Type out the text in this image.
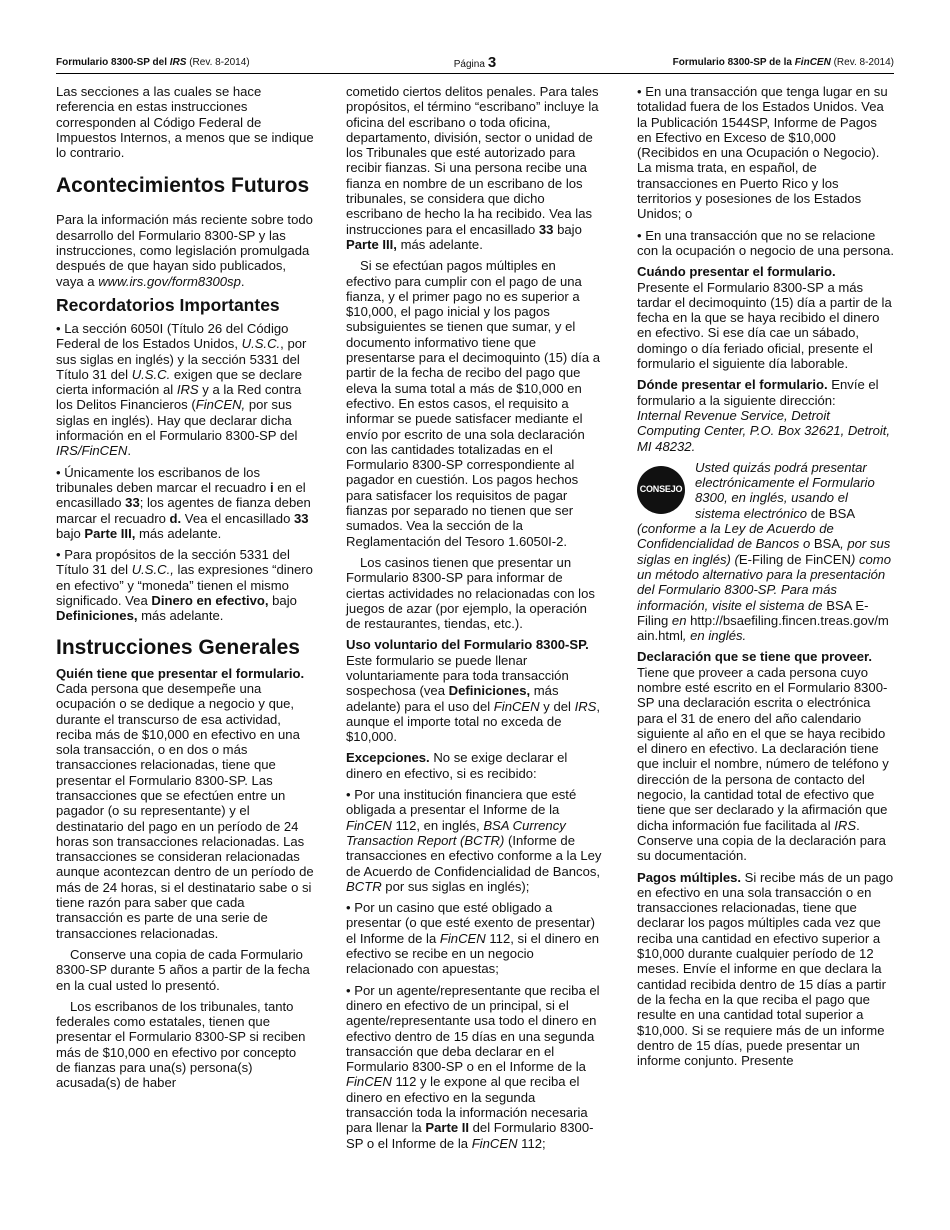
Formulario 8300-SP del IRS (Rev. 8-2014)	Página 3	Formulario 8300-SP de la FinCEN (Rev. 8-2014)

Las secciones a las cuales se hace referencia en estas instrucciones corresponden al Código Federal de Impuestos Internos, a menos que se indique lo contrario.

Acontecimientos Futuros

Para la información más reciente sobre todo desarrollo del Formulario 8300-SP y las instrucciones, como legislación promulgada después de que hayan sido publicados, vaya a www.irs.gov/form8300sp.

Recordatorios Importantes

• La sección 6050I (Título 26 del Código Federal de los Estados Unidos, U.S.C., por sus siglas en inglés) y la sección 5331 del Título 31 del U.S.C. exigen que se declare cierta información al IRS y a la Red contra los Delitos Financieros (FinCEN, por sus siglas en inglés). Hay que declarar dicha información en el Formulario 8300-SP del IRS/FinCEN.

• Únicamente los escribanos de los tribunales deben marcar el recuadro i en el encasillado 33; los agentes de fianza deben marcar el recuadro d. Vea el encasillado 33 bajo Parte III, más adelante.

• Para propósitos de la sección 5331 del Título 31 del U.S.C., las expresiones “dinero en efectivo” y “moneda” tienen el mismo significado. Vea Dinero en efectivo, bajo Definiciones, más adelante.

Instrucciones Generales

Quién tiene que presentar el formulario. Cada persona que desempeñe una ocupación o se dedique a negocio y que, durante el transcurso de esa actividad, reciba más de $10,000 en efectivo en una sola transacción, o en dos o más transacciones relacionadas, tiene que presentar el Formulario 8300-SP. Las transacciones que se efectúen entre un pagador (o su representante) y el destinatario del pago en un período de 24 horas son transacciones relacionadas. Las transacciones se consideran relacionadas aunque acontezcan dentro de un período de más de 24 horas, si el destinatario sabe o si tiene razón para saber que cada transacción es parte de una serie de transacciones relacionadas.

Conserve una copia de cada Formulario 8300-SP durante 5 años a partir de la fecha en la cual usted lo presentó.

Los escribanos de los tribunales, tanto federales como estatales, tienen que presentar el Formulario 8300-SP si reciben más de $10,000 en efectivo por concepto de fianzas para una(s) persona(s) acusada(s) de haber

cometido ciertos delitos penales. Para tales propósitos, el término “escribano” incluye la oficina del escribano o toda oficina, departamento, división, sector o unidad de los Tribunales que esté autorizado para recibir fianzas. Si una persona recibe una fianza en nombre de un escribano de los tribunales, se considera que dicho escribano de hecho la ha recibido. Vea las instrucciones para el encasillado 33 bajo Parte III, más adelante.

Si se efectúan pagos múltiples en efectivo para cumplir con el pago de una fianza, y el primer pago no es superior a $10,000, el pago inicial y los pagos subsiguientes se tienen que sumar, y el documento informativo tiene que presentarse para el decimoquinto (15) día a partir de la fecha de recibo del pago que eleva la suma total a más de $10,000 en efectivo. En estos casos, el requisito a informar se puede satisfacer mediante el envío por escrito de una sola declaración con las cantidades totalizadas en el Formulario 8300-SP correspondiente al pagador en cuestión. Los pagos hechos para satisfacer los requisitos de pagar fianzas por separado no tienen que ser sumados. Vea la sección de la Reglamentación del Tesoro 1.6050I-2.

Los casinos tienen que presentar un Formulario 8300-SP para informar de ciertas actividades no relacionadas con los juegos de azar (por ejemplo, la operación de restaurantes, tiendas, etc.).

Uso voluntario del Formulario 8300-SP. Este formulario se puede llenar voluntariamente para toda transacción sospechosa (vea Definiciones, más adelante) para el uso del FinCEN y del IRS, aunque el importe total no exceda de $10,000.

Excepciones. No se exige declarar el dinero en efectivo, si es recibido:

• Por una institución financiera que esté obligada a presentar el Informe de la FinCEN 112, en inglés, BSA Currency Transaction Report (BCTR) (Informe de transacciones en efectivo conforme a la Ley de Acuerdo de Confidencialidad de Bancos, BCTR por sus siglas en inglés);

• Por un casino que esté obligado a presentar (o que esté exento de presentar) el Informe de la FinCEN 112, si el dinero en efectivo se recibe en un negocio relacionado con apuestas;

• Por un agente/representante que reciba el dinero en efectivo de un principal, si el agente/representante usa todo el dinero en efectivo dentro de 15 días en una segunda transacción que deba declarar en el Formulario 8300-SP o en el Informe de la FinCEN 112 y le expone al que reciba el dinero en efectivo en la segunda transacción toda la información necesaria para llenar la Parte II del Formulario 8300-SP o el Informe de la FinCEN 112;

• En una transacción que tenga lugar en su totalidad fuera de los Estados Unidos. Vea la Publicación 1544SP, Informe de Pagos en Efectivo en Exceso de $10,000 (Recibidos en una Ocupación o Negocio). La misma trata, en español, de transacciones en Puerto Rico y los territorios y posesiones de los Estados Unidos; o

• En una transacción que no se relacione con la ocupación o negocio de una persona.

Cuándo presentar el formulario.
Presente el Formulario 8300-SP a más tardar el decimoquinto (15) día a partir de la fecha en la que se haya recibido el dinero en efectivo. Si ese día cae un sábado, domingo o día feriado oficial, presente el formulario el siguiente día laborable.

Dónde presentar el formulario. Envíe el formulario a la siguiente dirección:
Internal Revenue Service, Detroit Computing Center, P.O. Box 32621, Detroit, MI 48232.

CONSEJO
Usted quizás podrá presentar electrónicamente el Formulario 8300, en inglés, usando el sistema electrónico de BSA (conforme a la Ley de Acuerdo de Confidencialidad de Bancos o BSA, por sus siglas en inglés) (E-Filing de FinCEN) como un método alternativo para la presentación del Formulario 8300-SP. Para más información, visite el sistema de BSA E-Filing en http://bsaefiling.fincen.treas.gov/main.html, en inglés.

Declaración que se tiene que proveer. Tiene que proveer a cada persona cuyo nombre esté escrito en el Formulario 8300-SP una declaración escrita o electrónica para el 31 de enero del año calendario siguiente al año en el que se haya recibido el dinero en efectivo. La declaración tiene que incluir el nombre, número de teléfono y dirección de la persona de contacto del negocio, la cantidad total de efectivo que tiene que ser declarado y la afirmación que dicha información fue facilitada al IRS. Conserve una copia de la declaración para su documentación.

Pagos múltiples. Si recibe más de un pago en efectivo en una sola transacción o en transacciones relacionadas, tiene que declarar los pagos múltiples cada vez que reciba una cantidad en efectivo superior a $10,000 durante cualquier período de 12 meses. Envíe el informe en que declara la cantidad recibida dentro de 15 días a partir de la fecha en la que reciba el pago que resulte en una cantidad total superior a $10,000. Si se requiere más de un informe dentro de 15 días, puede presentar un informe conjunto. Presente
